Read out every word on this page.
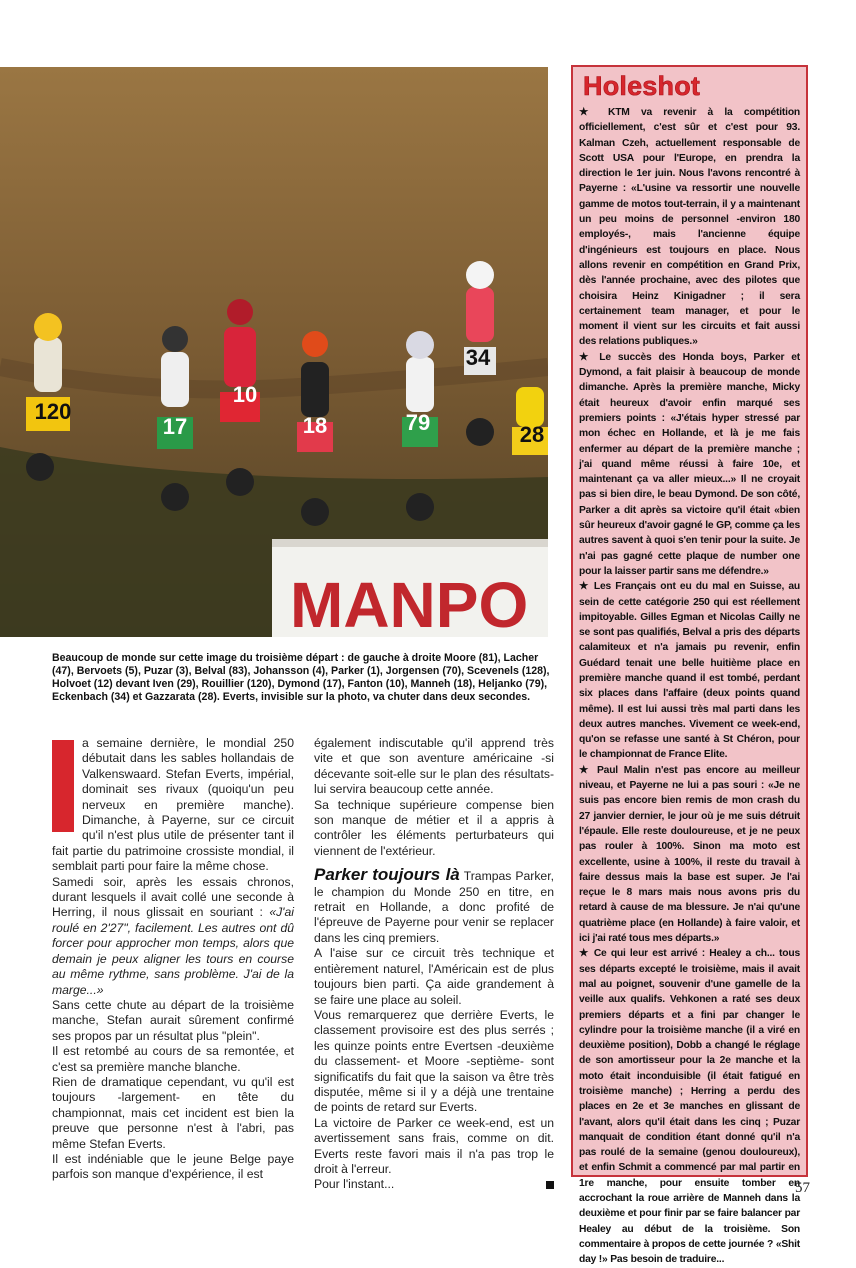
120
17
10
18	79
34
28
MANPO
Beaucoup de monde sur cette image du troisième départ : de gauche à droite Moore (81), Lacher (47), Bervoets (5), Puzar (3), Belval (83), Johansson (4), Parker (1), Jorgensen (70), Scevenels (128), Holvoet (12) devant Iven (29), Rouillier (120), Dymond (17), Fanton (10), Manneh (18), Heljanko (79), Eckenbach (34) et Gazzarata (28). Everts, invisible sur la photo, va chuter dans deux secondes.

L	a semaine dernière, le mondial 250 débutait dans les sables hollandais de Valkenswaard. Stefan Everts, impérial, dominait ses rivaux (quoiqu'un peu nerveux en première manche). Dimanche, à Payerne, sur ce circuit qu'il n'est plus utile de présenter tant il fait partie du patrimoine crossiste mondial, il semblait parti pour faire la même chose.

Samedi soir, après les essais chronos, durant lesquels il avait collé une seconde à Herring, il nous glissait en souriant : «J'ai roulé en 2'27", facilement. Les autres ont dû forcer pour approcher mon temps, alors que demain je peux aligner les tours en course au même rythme, sans problème. J'ai de la marge...»

Sans cette chute au départ de la troisième manche, Stefan aurait sûrement confirmé ses propos par un résultat plus "plein".

Il est retombé au cours de sa remontée, et c'est sa première manche blanche.

Rien de dramatique cependant, vu qu'il est toujours -largement- en tête du championnat, mais cet incident est bien la preuve que personne n'est à l'abri, pas même Stefan Everts.

Il est indéniable que le jeune Belge paye parfois son manque d'expérience, il est

également indiscutable qu'il apprend très vite et que son aventure américaine -si décevante soit-elle sur le plan des résultats- lui servira beaucoup cette année.

Sa technique supérieure compense bien son manque de métier et il a appris à contrôler les éléments perturbateurs qui viennent de l'extérieur.

Parker toujours là Trampas Parker, le champion du Monde 250 en titre, en retrait en Hollande, a donc profité de l'épreuve de Payerne pour venir se replacer dans les cinq premiers.

A l'aise sur ce circuit très technique et entièrement naturel, l'Américain est de plus toujours bien parti. Ça aide grandement à se faire une place au soleil.

Vous remarquerez que derrière Everts, le classement provisoire est des plus serrés ; les quinze points entre Evertsen -deuxième du classement- et Moore -septième- sont significatifs du fait que la saison va être très disputée, même si il y a déjà une trentaine de points de retard sur Everts.

La victoire de Parker ce week-end, est un avertissement sans frais, comme on dit. Everts reste favori mais il n'a pas trop le droit à l'erreur.

Pour l'instant...

Holeshot

★ KTM va revenir à la compétition officiellement, c'est sûr et c'est pour 93. Kalman Czeh, actuellement responsable de Scott USA pour l'Europe, en prendra la direction le 1er juin. Nous l'avons rencontré à Payerne : «L'usine va ressortir une nouvelle gamme de motos tout-terrain, il y a maintenant un peu moins de personnel -environ 180 employés-, mais l'ancienne équipe d'ingénieurs est toujours en place. Nous allons revenir en compétition en Grand Prix, dès l'année prochaine, avec des pilotes que choisira Heinz Kinigadner ; il sera certainement team manager, et pour le moment il vient sur les circuits et fait aussi des relations publiques.»

★ Le succès des Honda boys, Parker et Dymond, a fait plaisir à beaucoup de monde dimanche. Après la première manche, Micky était heureux d'avoir enfin marqué ses premiers points : «J'étais hyper stressé par mon échec en Hollande, et là je me fais enfermer au départ de la première manche ; j'ai quand même réussi à faire 10e, et maintenant ça va aller mieux...» Il ne croyait pas si bien dire, le beau Dymond. De son côté, Parker a dit après sa victoire qu'il était «bien sûr heureux d'avoir gagné le GP, comme ça les autres savent à quoi s'en tenir pour la suite. Je n'ai pas gagné cette plaque de number one pour la laisser partir sans me défendre.»

★ Les Français ont eu du mal en Suisse, au sein de cette catégorie 250 qui est réellement impitoyable. Gilles Egman et Nicolas Cailly ne se sont pas qualifiés, Belval a pris des départs calamiteux et n'a jamais pu revenir, enfin Guédard tenait une belle huitième place en première manche quand il est tombé, perdant six places dans l'affaire (deux points quand même). Il est lui aussi très mal parti dans les deux autres manches. Vivement ce week-end, qu'on se refasse une santé à St Chéron, pour le championnat de France Elite.

★ Paul Malin n'est pas encore au meilleur niveau, et Payerne ne lui a pas souri : «Je ne suis pas encore bien remis de mon crash du 27 janvier dernier, le jour où je me suis détruit l'épaule. Elle reste douloureuse, et je ne peux pas rouler à 100%. Sinon ma moto est excellente, usine à 100%, il reste du travail à faire dessus mais la base est super. Je l'ai reçue le 8 mars mais nous avons pris du retard à cause de ma blessure. Je n'ai qu'une quatrième place (en Hollande) à faire valoir, et ici j'ai raté tous mes départs.»

★ Ce qui leur est arrivé : Healey a ch... tous ses départs excepté le troisième, mais il avait mal au poignet, souvenir d'une gamelle de la veille aux qualifs. Vehkonen a raté ses deux premiers départs et a fini par changer le cylindre pour la troisième manche (il a viré en deuxième position), Dobb a changé le réglage de son amortisseur pour la 2e manche et la moto était inconduisible (il était fatigué en troisième manche) ; Herring a perdu des places en 2e et 3e manches en glissant de l'avant, alors qu'il était dans les cinq ; Puzar manquait de condition étant donné qu'il n'a pas roulé de la semaine (genou douloureux), et enfin Schmit a commencé par mal partir en 1re manche, pour ensuite tomber en accrochant la roue arrière de Manneh dans la deuxième et pour finir par se faire balancer par Healey au début de la troisième. Son commentaire à propos de cette journée ? «Shit day !» Pas besoin de traduire...

57
